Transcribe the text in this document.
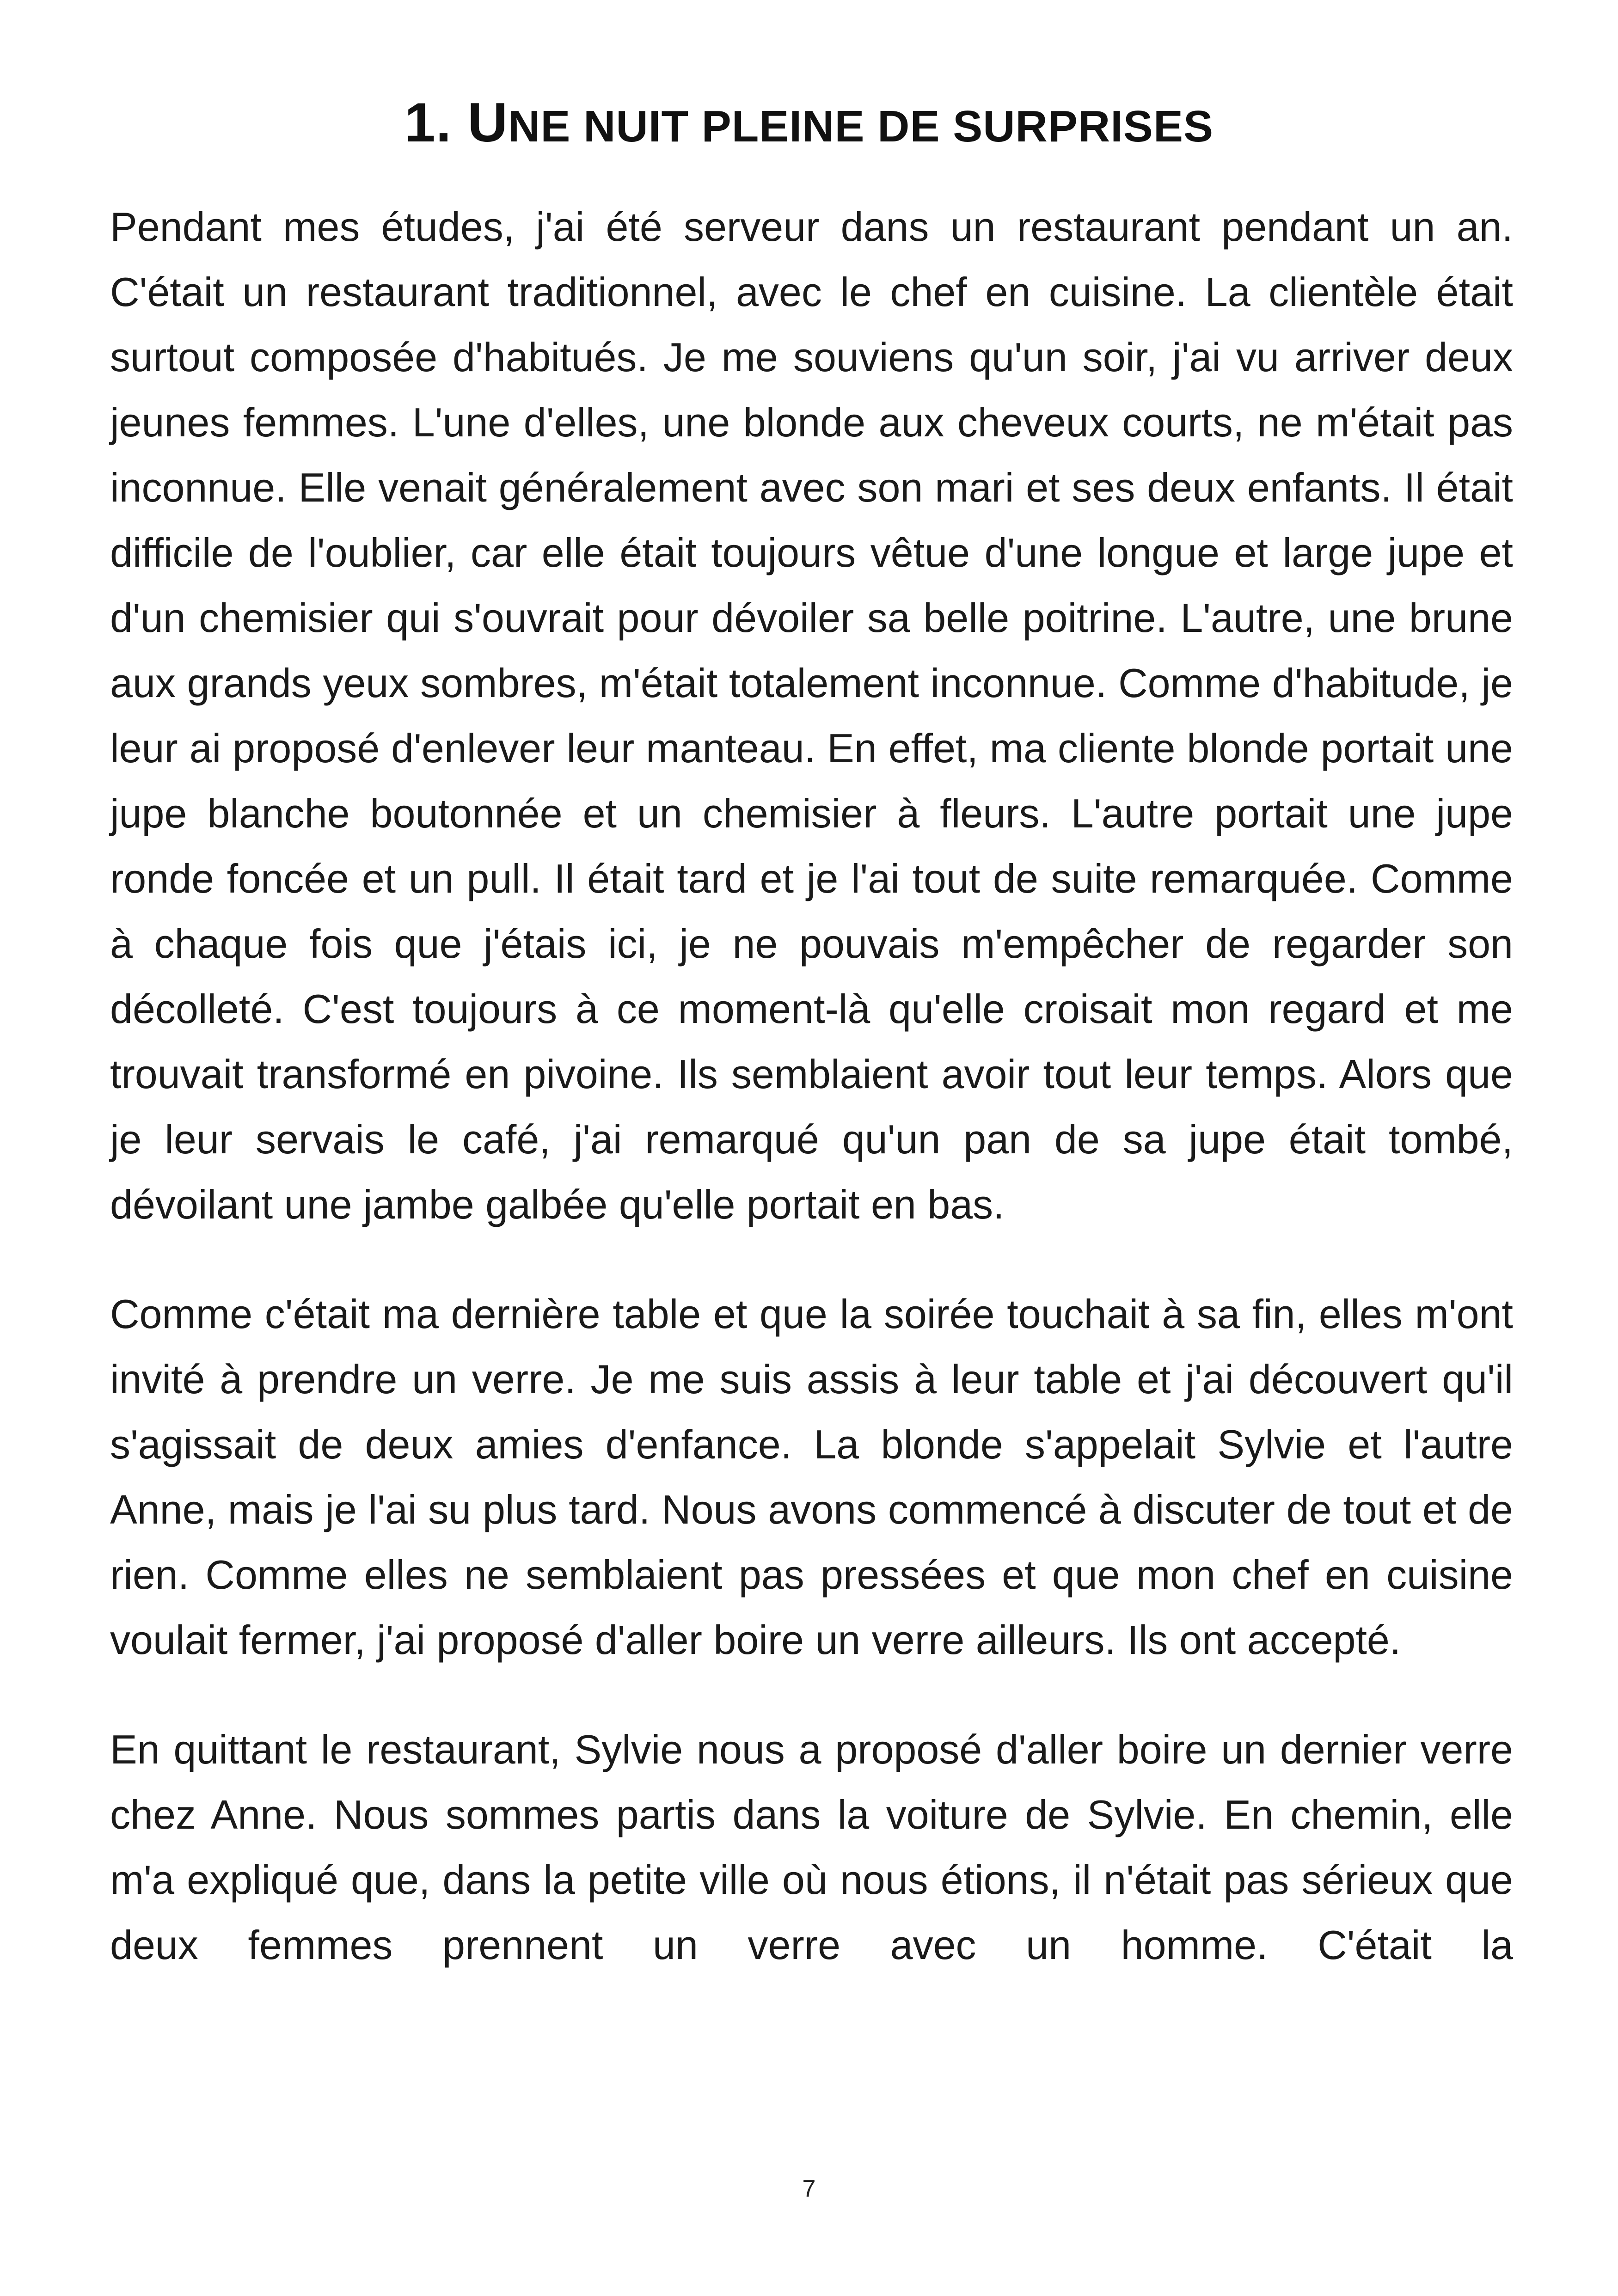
1. UNE NUIT PLEINE DE SURPRISES

Pendant mes études, j'ai été serveur dans un restaurant pendant un an. C'était un restaurant traditionnel, avec le chef en cuisine. La clientèle était surtout composée d'habitués. Je me souviens qu'un soir, j'ai vu arriver deux jeunes femmes. L'une d'elles, une blonde aux cheveux courts, ne m'était pas inconnue. Elle venait généralement avec son mari et ses deux enfants. Il était difficile de l'oublier, car elle était toujours vêtue d'une longue et large jupe et d'un chemisier qui s'ouvrait pour dévoiler sa belle poitrine. L'autre, une brune aux grands yeux sombres, m'était totalement inconnue. Comme d'habitude, je leur ai proposé d'enlever leur manteau. En effet, ma cliente blonde portait une jupe blanche boutonnée et un chemisier à fleurs. L'autre portait une jupe ronde foncée et un pull. Il était tard et je l'ai tout de suite remarquée. Comme à chaque fois que j'étais ici, je ne pouvais m'empêcher de regarder son décolleté. C'est toujours à ce moment-là qu'elle croisait mon regard et me trouvait transformé en pivoine. Ils semblaient avoir tout leur temps. Alors que je leur servais le café, j'ai remarqué qu'un pan de sa jupe était tombé, dévoilant une jambe galbée qu'elle portait en bas.

Comme c'était ma dernière table et que la soirée touchait à sa fin, elles m'ont invité à prendre un verre. Je me suis assis à leur table et j'ai découvert qu'il s'agissait de deux amies d'enfance. La blonde s'appelait Sylvie et l'autre Anne, mais je l'ai su plus tard. Nous avons commencé à discuter de tout et de rien. Comme elles ne semblaient pas pressées et que mon chef en cuisine voulait fermer, j'ai proposé d'aller boire un verre ailleurs. Ils ont accepté.

En quittant le restaurant, Sylvie nous a proposé d'aller boire un dernier verre chez Anne. Nous sommes partis dans la voiture de Sylvie. En chemin, elle m'a expliqué que, dans la petite ville où nous étions, il n'était pas sérieux que deux femmes prennent un verre avec un homme. C'était la

7
